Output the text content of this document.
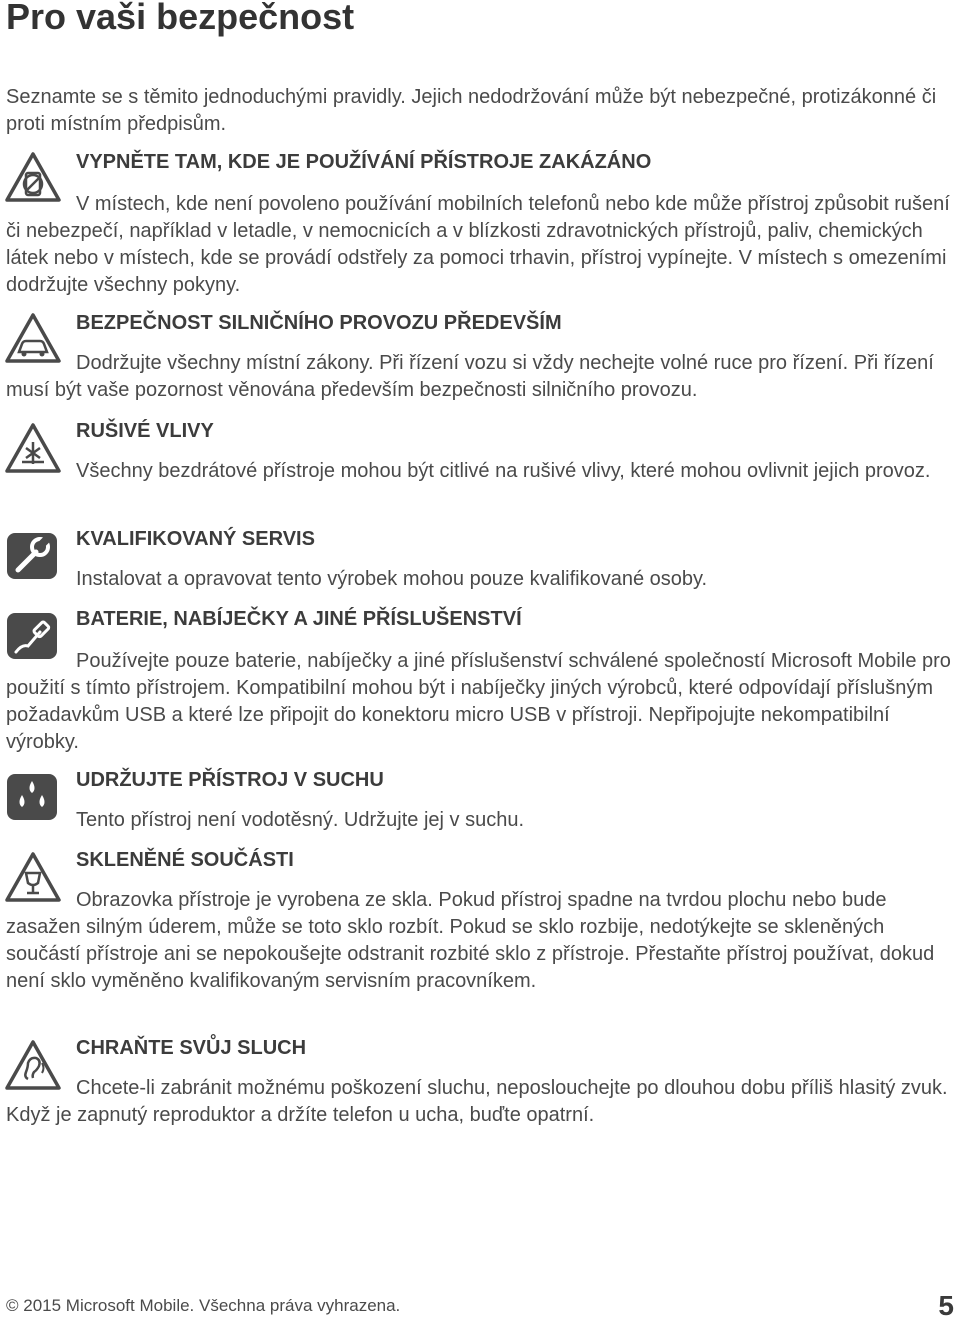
Pro vaši bezpečnost

Seznamte se s těmito jednoduchými pravidly. Jejich nedodržování může být nebezpečné, protizákonné či proti místním předpisům.

VYPNĚTE TAM, KDE JE POUŽÍVÁNÍ PŘÍSTROJE ZAKÁZÁNO

V místech, kde není povoleno používání mobilních telefonů nebo kde může přístroj způsobit rušení či nebezpečí, například v letadle, v nemocnicích a v blízkosti zdravotnických přístrojů, paliv, chemických látek nebo v místech, kde se provádí odstřely za pomoci trhavin, přístroj vypínejte. V místech s omezeními dodržujte všechny pokyny.

BEZPEČNOST SILNIČNÍHO PROVOZU PŘEDEVŠÍM

Dodržujte všechny místní zákony. Při řízení vozu si vždy nechejte volné ruce pro řízení. Při řízení musí být vaše pozornost věnována především bezpečnosti silničního provozu.

RUŠIVÉ VLIVY

Všechny bezdrátové přístroje mohou být citlivé na rušivé vlivy, které mohou ovlivnit jejich provoz.

KVALIFIKOVANÝ SERVIS

Instalovat a opravovat tento výrobek mohou pouze kvalifikované osoby.

BATERIE, NABÍJEČKY A JINÉ PŘÍSLUŠENSTVÍ

Používejte pouze baterie, nabíječky a jiné příslušenství schválené společností Microsoft Mobile pro použití s tímto přístrojem. Kompatibilní mohou být i nabíječky jiných výrobců, které odpovídají příslušným požadavkům USB a které lze připojit do konektoru micro USB v přístroji. Nepřipojujte nekompatibilní výrobky.

UDRŽUJTE PŘÍSTROJ V SUCHU

Tento přístroj není vodotěsný. Udržujte jej v suchu.

SKLENĚNÉ SOUČÁSTI

Obrazovka přístroje je vyrobena ze skla. Pokud přístroj spadne na tvrdou plochu nebo bude zasažen silným úderem, může se toto sklo rozbít. Pokud se sklo rozbije, nedotýkejte se skleněných součástí přístroje ani se nepokoušejte odstranit rozbité sklo z přístroje. Přestaňte přístroj používat, dokud není sklo vyměněno kvalifikovaným servisním pracovníkem.

CHRAŇTE SVŮJ SLUCH

Chcete-li zabránit možnému poškození sluchu, neposlouchejte po dlouhou dobu příliš hlasitý zvuk. Když je zapnutý reproduktor a držíte telefon u ucha, buďte opatrní.

© 2015 Microsoft Mobile. Všechna práva vyhrazena.	5
